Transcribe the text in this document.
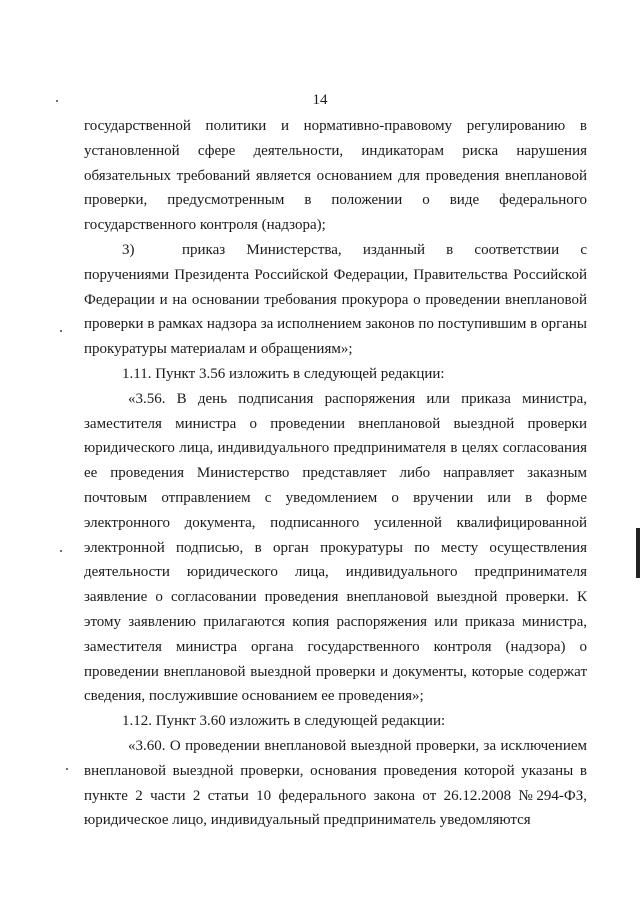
14

государственной политики и нормативно-правовому регулированию в установленной сфере деятельности, индикаторам риска нарушения обязательных требований является основанием для проведения внеплановой проверки, предусмотренным в положении о виде федерального государственного контроля (надзора);

3)	приказ Министерства, изданный в соответствии с поручениями Президента Российской Федерации, Правительства Российской Федерации и на основании требования прокурора о проведении внеплановой проверки в рамках надзора за исполнением законов по поступившим в органы прокуратуры материалам и обращениям»;

1.11. Пункт 3.56 изложить в следующей редакции:

«3.56. В день подписания распоряжения или приказа министра, заместителя министра о проведении внеплановой выездной проверки юридического лица, индивидуального предпринимателя в целях согласования ее проведения Министерство представляет либо направляет заказным почтовым отправлением с уведомлением о вручении или в форме электронного документа, подписанного усиленной квалифицированной электронной подписью, в орган прокуратуры по месту осуществления деятельности юридического лица, индивидуального предпринимателя заявление о согласовании проведения внеплановой выездной проверки. К этому заявлению прилагаются копия распоряжения или приказа министра, заместителя министра органа государственного контроля (надзора) о проведении внеплановой выездной проверки и документы, которые содержат сведения, послужившие основанием ее проведения»;

1.12. Пункт 3.60 изложить в следующей редакции:

«3.60. О проведении внеплановой выездной проверки, за исключением внеплановой выездной проверки, основания проведения которой указаны в пункте 2 части 2 статьи 10 федерального закона от 26.12.2008 №294-ФЗ, юридическое лицо, индивидуальный предприниматель уведомляются
